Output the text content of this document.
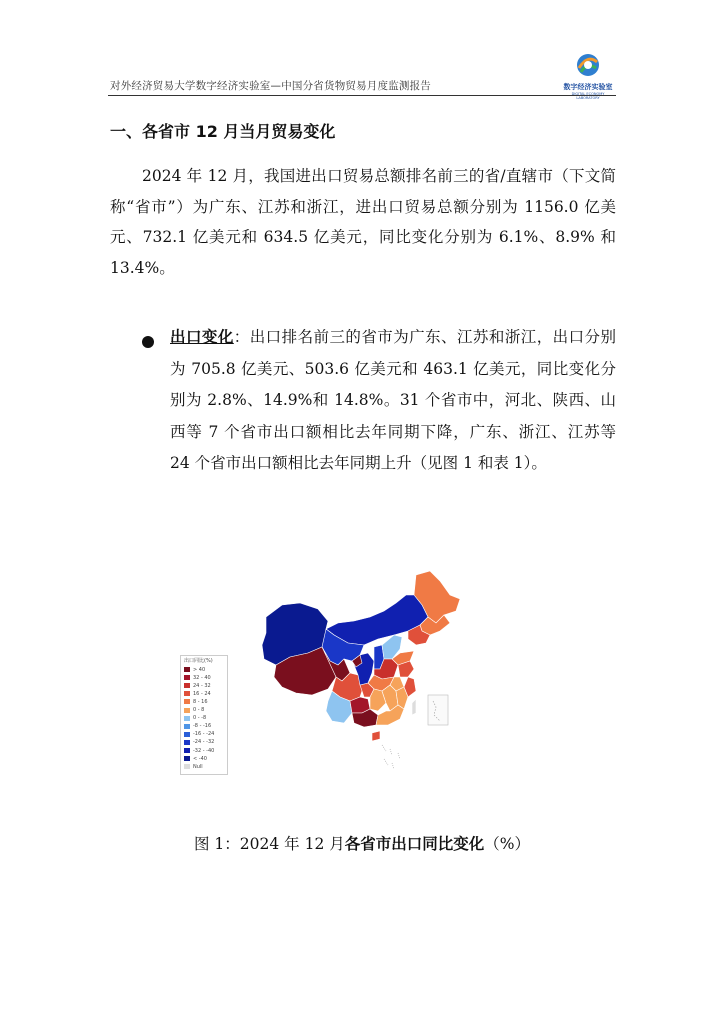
对外经济贸易大学数字经济实验室—中国分省货物贸易月度监测报告	数字经济实验室
DIGITAL ECONOMY LABORATORY
一、各省市 12 月当月贸易变化
2024 年 12 月，我国进出口贸易总额排名前三的省/直辖市（下文简称“省市”）为广东、江苏和浙江，进出口贸易总额分别为 1156.0 亿美元、732.1 亿美元和 634.5 亿美元，同比变化分别为 6.1%、8.9% 和 13.4%。
出口变化：出口排名前三的省市为广东、江苏和浙江，出口分别为 705.8 亿美元、503.6 亿美元和 463.1 亿美元，同比变化分别为 2.8%、14.9%和 14.8%。31 个省市中，河北、陕西、山西等 7 个省市出口额相比去年同期下降，广东、浙江、江苏等 24 个省市出口额相比去年同期上升（见图 1 和表 1）。
出口同比(%)
> 40
32 - 40
24 - 32
16 - 24
8 - 16
0 - 8
0 - -8
-8 - -16
-16 - -24
-24 - -32
-32 - -40
< -40
Null
图 1：2024 年 12 月各省市出口同比变化（%）
